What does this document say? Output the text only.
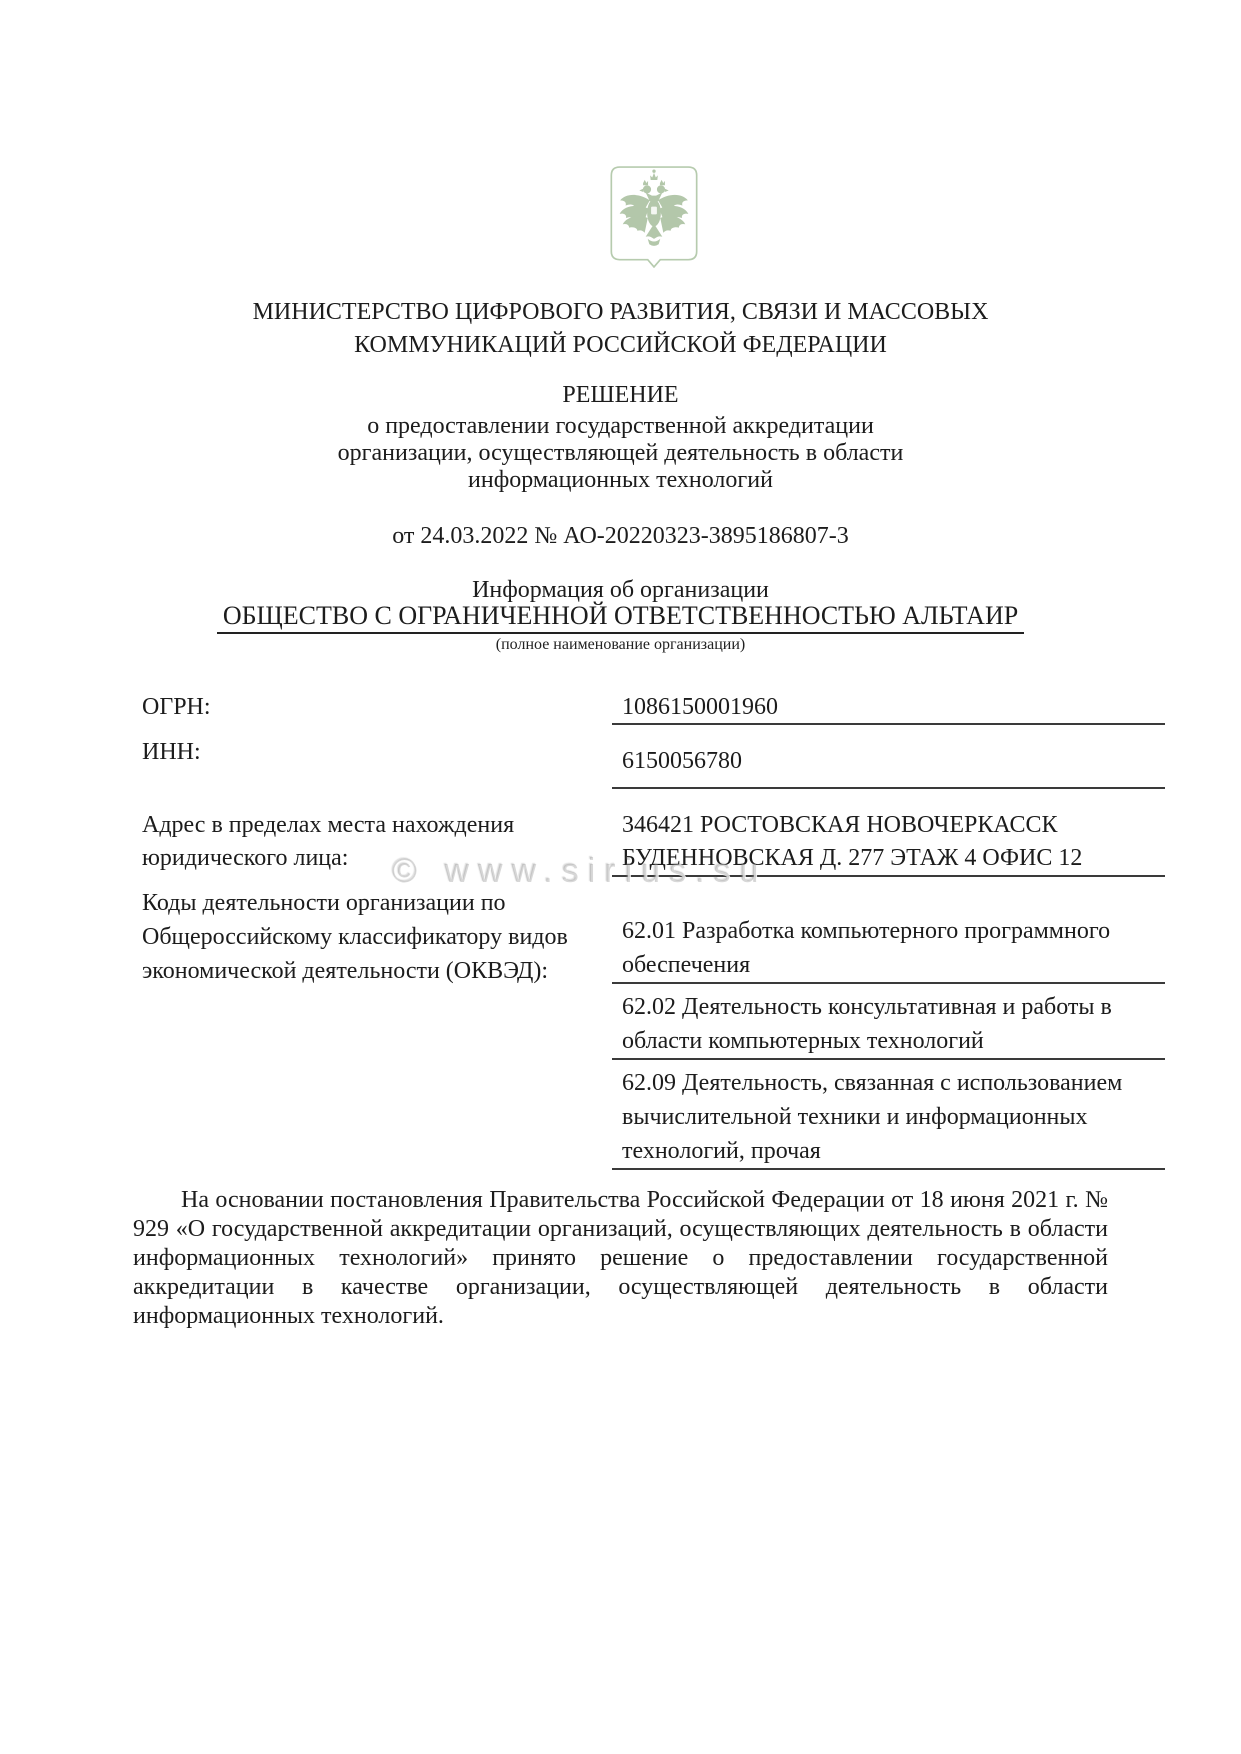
МИНИСТЕРСТВО ЦИФРОВОГО РАЗВИТИЯ, СВЯЗИ И МАССОВЫХ КОММУНИКАЦИЙ РОССИЙСКОЙ ФЕДЕРАЦИИ
РЕШЕНИЕ
о предоставлении государственной аккредитации
организации, осуществляющей деятельность в области
информационных технологий
от 24.03.2022 № АО-20220323-3895186807-3
Информация об организации
ОБЩЕСТВО С ОГРАНИЧЕННОЙ ОТВЕТСТВЕННОСТЬЮ АЛЬТАИР
(полное наименование организации)
ОГРН:	1086150001960
ИНН:	6150056780
Адрес в пределах места нахождения юридического лица:
346421 РОСТОВСКАЯ НОВОЧЕРКАССК
БУДЕННОВСКАЯ Д. 277 ЭТАЖ 4 ОФИС 12
Коды деятельности организации по Общероссийскому классификатору видов экономической деятельности (ОКВЭД):
62.01 Разработка компьютерного программного
обеспечения
62.02 Деятельность консультативная и работы в
области компьютерных технологий
62.09 Деятельность, связанная с использованием
вычислительной техники и информационных
технологий, прочая
© www.sirius.su
На основании постановления Правительства Российской Федерации от 18 июня 2021 г. № 929 «О государственной аккредитации организаций, осуществляющих деятельность в области информационных технологий» принято решение о предоставлении государственной аккредитации в качестве организации, осуществляющей деятельность в области информационных технологий.
